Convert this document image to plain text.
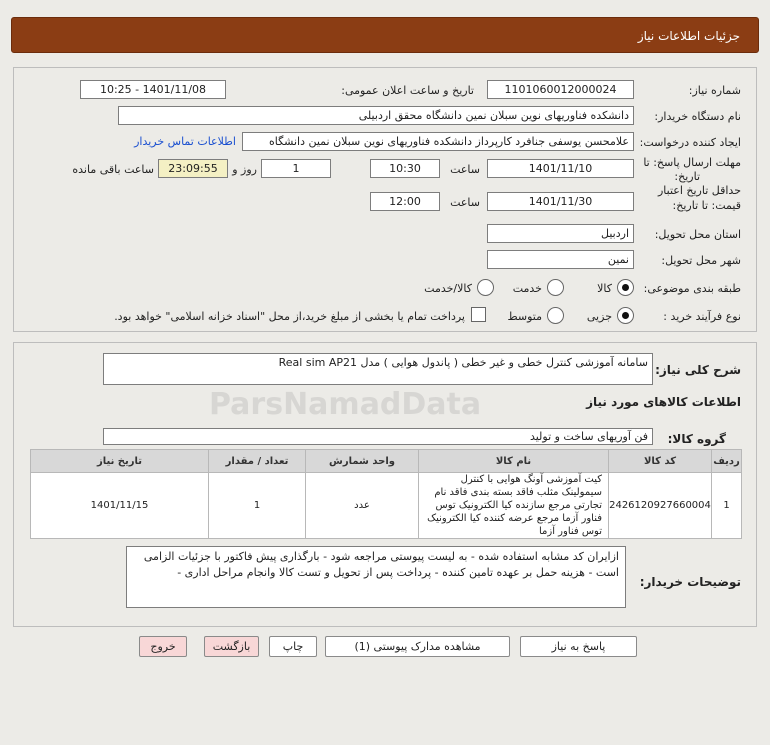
جزئیات اطلاعات نیاز
شماره نیاز:
1101060012000024
تاریخ و ساعت اعلان عمومی:
1401/11/08 - 10:25
نام دستگاه خریدار:
دانشکده فناوریهای نوین سبلان نمین دانشگاه محقق اردبیلی
ایجاد کننده درخواست:
علامحسن یوسفی جنافرد کارپرداز دانشکده فناوریهای نوین سبلان نمین دانشگاه
اطلاعات تماس خریدار
مهلت ارسال پاسخ: تا
تاریخ:
1401/11/10
ساعت
10:30
1
روز و
23:09:55
ساعت باقی مانده
حداقل تاریخ اعتبار
قیمت: تا تاریخ:
1401/11/30
ساعت
12:00
استان محل تحویل:
اردبیل
شهر محل تحویل:
نمین
طبقه بندی موضوعی:
کالا
خدمت
کالا/خدمت
نوع فرآیند خرید :
جزیی
متوسط
پرداخت تمام یا بخشی از مبلغ خرید،از محل "اسناد خزانه اسلامی" خواهد بود.
ParsNamadData
شرح کلی نیاز:
سامانه آموزشی کنترل خطی و غیر خطی ( پاندول هوایی ) مدل Real sim AP21
اطلاعات کالاهای مورد نیاز
گروه کالا:
فن آوریهای ساخت و تولید
ردیف	کد کالا	نام کالا	واحد شمارش	تعداد / مقدار	تاریخ نیاز
1	2426120927660004	کیت آموزشی آونگ هوایی با کنترل سیمولینک مثلب فاقد بسته بندی فاقد نام تجارتی مرجع سازنده کیا الکترونیک توس فناور آزما مرجع عرضه کننده کیا الکترونیک توس فناور آزما	عدد	1	1401/11/15
توضیحات خریدار:
ازایران کد مشابه استفاده شده - به لیست پیوستی مراجعه شود - بارگذاری پیش فاکتور با جزئیات الزامی است - هزینه حمل بر عهده تامین کننده - پرداخت پس از تحویل و تست کالا وانجام مراحل اداری -
پاسخ به نیاز
مشاهده مدارک پیوستی (1)
چاپ
بازگشت
خروج
